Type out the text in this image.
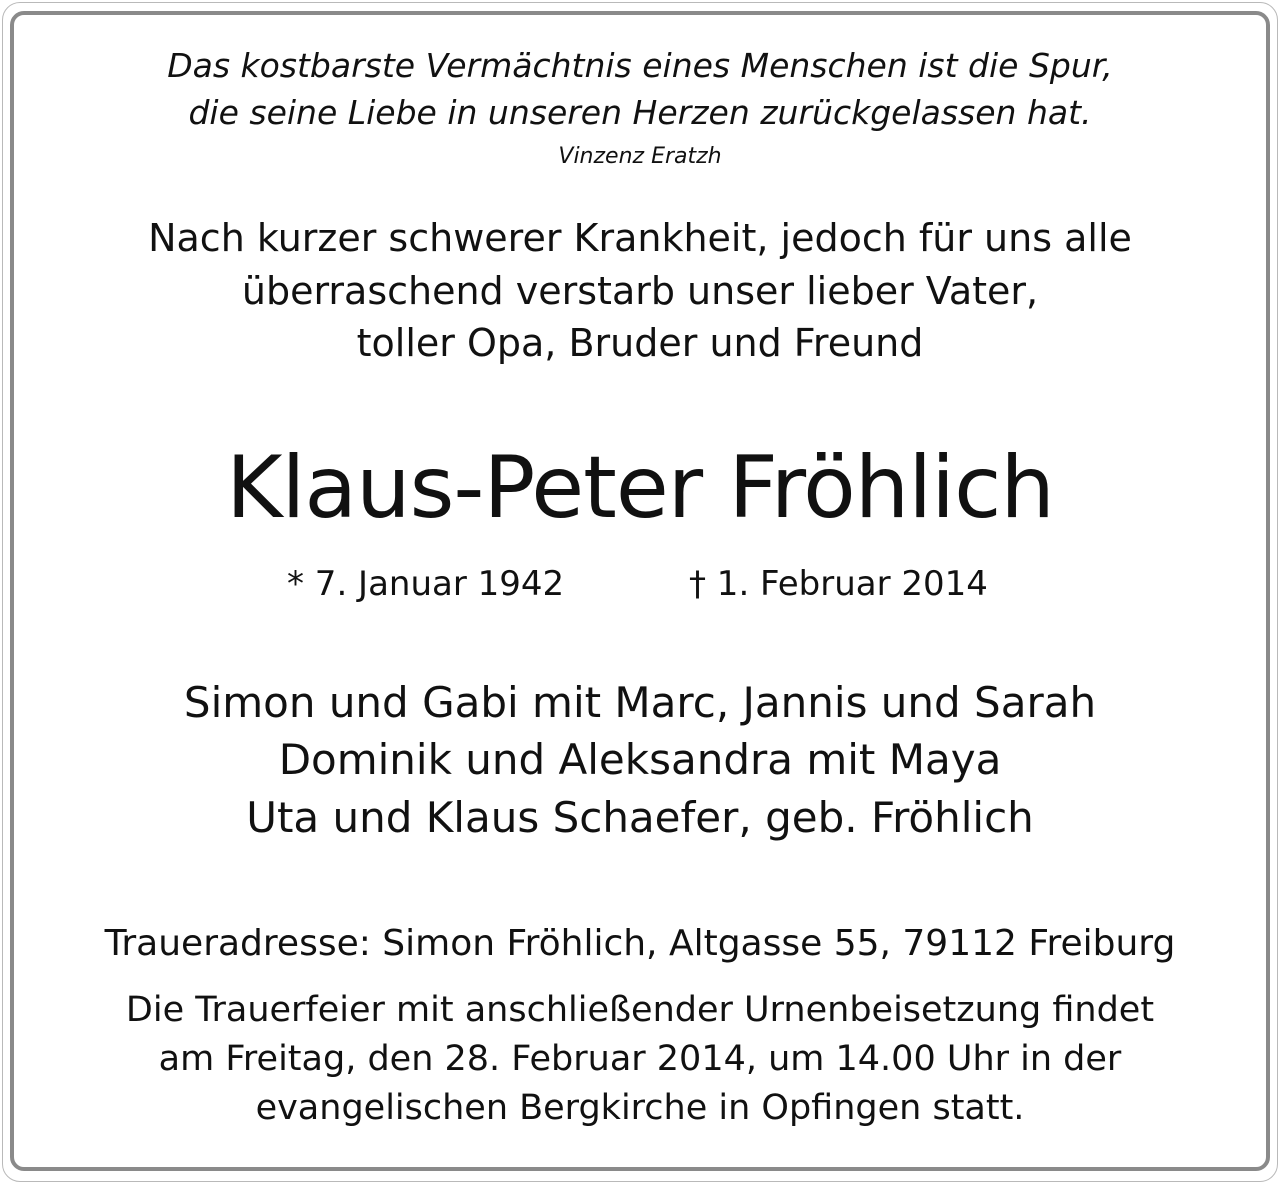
Das kostbarste Vermächtnis eines Menschen ist die Spur,
die seine Liebe in unseren Herzen zurückgelassen hat.
Vinzenz Eratzh
Nach kurzer schwerer Krankheit, jedoch für uns alle
überraschend verstarb unser lieber Vater,
toller Opa, Bruder und Freund
Klaus-Peter Fröhlich
* 7. Januar 1942	† 1. Februar 2014
Simon und Gabi mit Marc, Jannis und Sarah
Dominik und Aleksandra mit Maya
Uta und Klaus Schaefer, geb. Fröhlich
Traueradresse: Simon Fröhlich, Altgasse 55, 79112 Freiburg
Die Trauerfeier mit anschließender Urnenbeisetzung findet
am Freitag, den 28. Februar 2014, um 14.00 Uhr in der
evangelischen Bergkirche in Opfingen statt.
